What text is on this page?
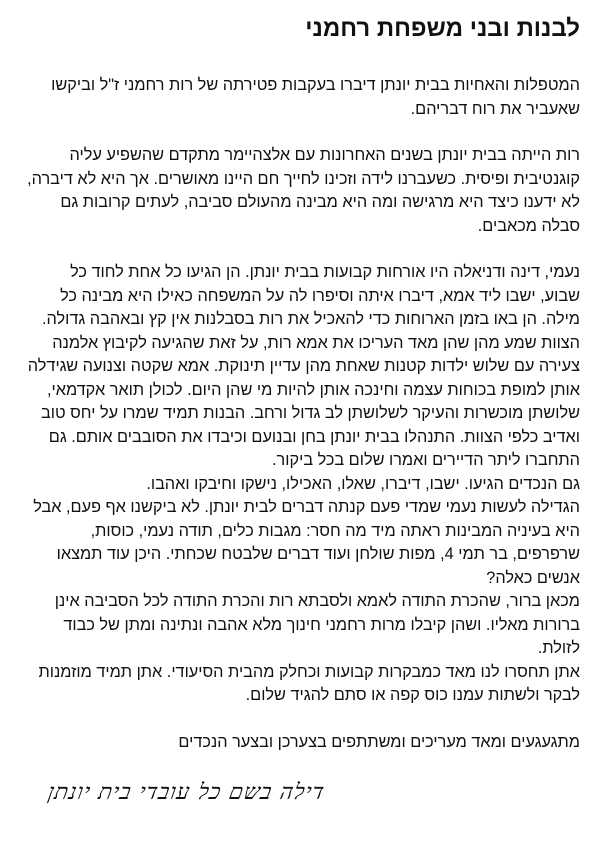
לבנות ובני משפחת רחמני

המטפלות והאחיות בבית יונתן דיברו בעקבות פטירתה של רות רחמני ז"ל וביקשו שאעביר את רוח דבריהם.

רות הייתה בבית יונתן בשנים האחרונות עם אלצהיימר מתקדם שהשפיע עליה קוגנטיבית ופיסית. כשעברנו לידה וזכינו לחייך חם היינו מאושרים. אך היא לא דיברה, לא ידענו כיצד היא מרגישה ומה היא מבינה מהעולם סביבה, לעתים קרובות גם סבלה מכאבים.

נעמי, דינה ודניאלה היו אורחות קבועות בבית יונתן. הן הגיעו כל אחת לחוד כל שבוע, ישבו ליד אמא, דיברו איתה וסיפרו לה על המשפחה כאילו היא מבינה כל מילה. הן באו בזמן הארוחות כדי להאכיל את רות בסבלנות אין קץ ובאהבה גדולה. הצוות שמע מהן שהן מאד העריכו את אמא רות, על זאת שהגיעה לקיבוץ אלמנה צעירה עם שלוש ילדות קטנות שאחת מהן עדיין תינוקת. אמא שקטה וצנועה שגידלה אותן למופת בכוחות עצמה וחינכה אותן להיות מי שהן היום. לכולן תואר אקדמאי, שלושתן מוכשרות והעיקר לשלושתן לב גדול ורחב. הבנות תמיד שמרו על יחס טוב ואדיב כלפי הצוות. התנהלו בבית יונתן בחן ובנועם וכיבדו את הסובבים אותם. גם התחברו ליתר הדיירים ואמרו שלום בכל ביקור.

גם הנכדים הגיעו. ישבו, דיברו, שאלו, האכילו, נישקו וחיבקו ואהבו.

הגדילה לעשות נעמי שמדי פעם קנתה דברים לבית יונתן. לא ביקשנו אף פעם, אבל היא בעיניה המבינות ראתה מיד מה חסר: מגבות כלים, תודה נעמי, כוסות, שרפרפים, בר תמי 4, מפות שולחן ועוד דברים שלבטח שכחתי. היכן עוד תמצאו אנשים כאלה?

מכאן ברור, שהכרת התודה לאמא ולסבתא רות והכרת התודה לכל הסביבה אינן ברורות מאליו. ושהן קיבלו מרות רחמני חינוך מלא אהבה ונתינה ומתן של כבוד לזולת.

אתן תחסרו לנו מאד כמבקרות קבועות וכחלק מהבית הסיעודי. אתן תמיד מוזמנות לבקר ולשתות עמנו כוס קפה או סתם להגיד שלום.

מתגעגעים ומאד מעריכים ומשתתפים בצערכן ובצער הנכדים

דילה בשם כל עובדי בית יונתן
